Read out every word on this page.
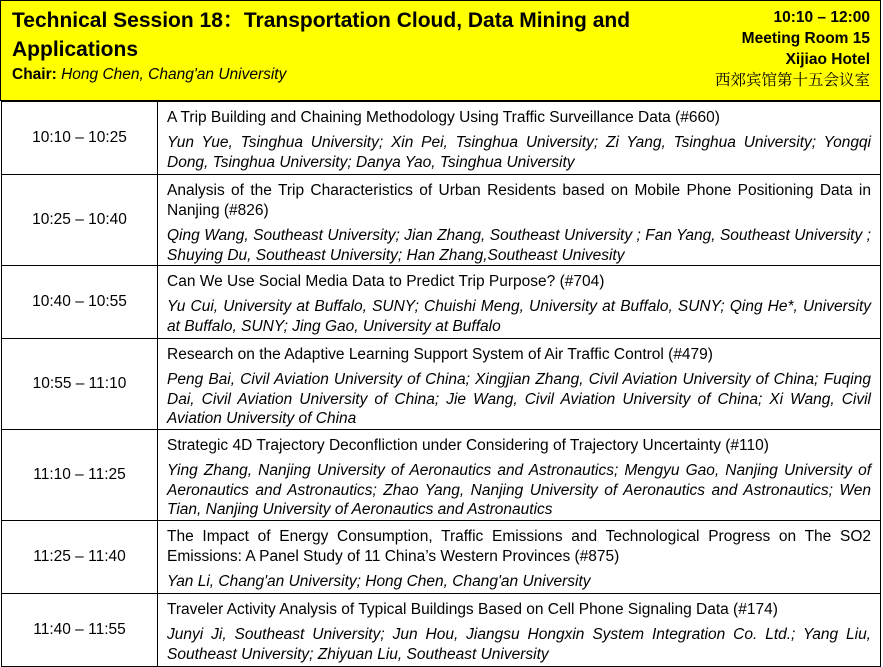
Technical Session 18：Transportation Cloud, Data Mining and Applications
Chair: Hong Chen, Chang'an University
10:10 – 12:00
Meeting Room 15
Xijiao Hotel
西郊宾馆第十五会议室
10:10 – 10:25	A Trip Building and Chaining Methodology Using Traffic Surveillance Data (#660)
Yun Yue, Tsinghua University; Xin Pei, Tsinghua University; Zi Yang, Tsinghua University; Yongqi Dong, Tsinghua University; Danya Yao, Tsinghua University

10:25 – 10:40	Analysis of the Trip Characteristics of Urban Residents based on Mobile Phone Positioning Data in Nanjing (#826)
Qing Wang, Southeast University; Jian Zhang, Southeast University ; Fan Yang, Southeast University ; Shuying Du, Southeast University; Han Zhang,Southeast Univesity

10:40 – 10:55	Can We Use Social Media Data to Predict Trip Purpose? (#704)
Yu Cui, University at Buffalo, SUNY; Chuishi Meng, University at Buffalo, SUNY; Qing He*, University at Buffalo, SUNY; Jing Gao, University at Buffalo

10:55 – 11:10	Research on the Adaptive Learning Support System of Air Traffic Control (#479)
Peng Bai, Civil Aviation University of China; Xingjian Zhang, Civil Aviation University of China; Fuqing Dai, Civil Aviation University of China; Jie Wang, Civil Aviation University of China; Xi Wang, Civil Aviation University of China

11:10 – 11:25	Strategic 4D Trajectory Deconfliction under Considering of Trajectory Uncertainty (#110)
Ying Zhang, Nanjing University of Aeronautics and Astronautics; Mengyu Gao, Nanjing University of Aeronautics and Astronautics; Zhao Yang, Nanjing University of Aeronautics and Astronautics; Wen Tian, Nanjing University of Aeronautics and Astronautics

11:25 – 11:40	The Impact of Energy Consumption, Traffic Emissions and Technological Progress on The SO2 Emissions: A Panel Study of 11 China’s Western Provinces (#875)
Yan Li, Chang'an University; Hong Chen, Chang'an University

11:40 – 11:55	Traveler Activity Analysis of Typical Buildings Based on Cell Phone Signaling Data (#174)
Junyi Ji, Southeast University; Jun Hou, Jiangsu Hongxin System Integration Co. Ltd.; Yang Liu, Southeast University; Zhiyuan Liu, Southeast University
